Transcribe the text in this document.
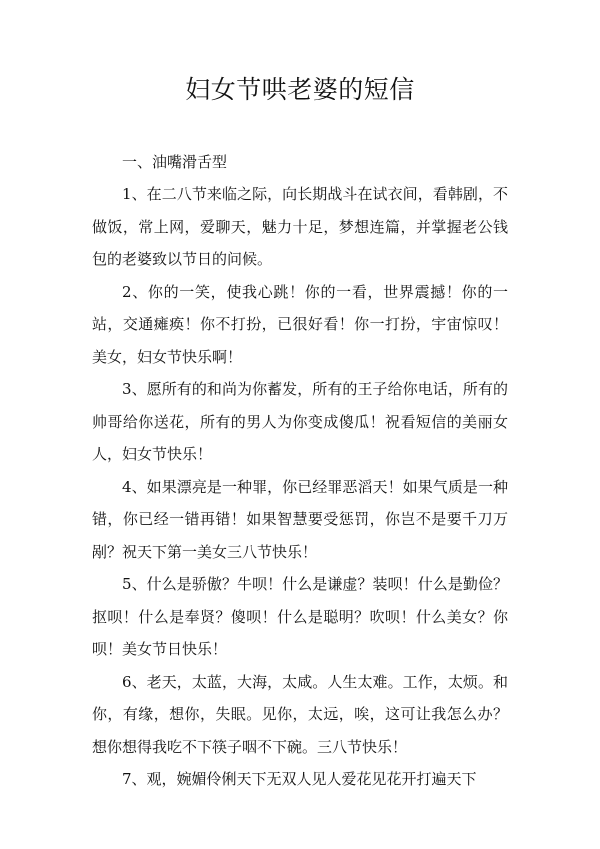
妇女节哄老婆的短信

一、油嘴滑舌型

1、在二八节来临之际，向长期战斗在试衣间，看韩剧，不做饭，常上网，爱聊天，魅力十足，梦想连篇，并掌握老公钱包的老婆致以节日的问候。

2、你的一笑，使我心跳！你的一看，世界震撼！你的一站，交通瘫痪！你不打扮，已很好看！你一打扮，宇宙惊叹！美女，妇女节快乐啊！

3、愿所有的和尚为你蓄发，所有的王子给你电话，所有的帅哥给你送花，所有的男人为你变成傻瓜！祝看短信的美丽女人，妇女节快乐！

4、如果漂亮是一种罪，你已经罪恶滔天！如果气质是一种错，你已经一错再错！如果智慧要受惩罚，你岂不是要千刀万剐？祝天下第一美女三八节快乐！

5、什么是骄傲？牛呗！什么是谦虚？装呗！什么是勤俭？抠呗！什么是奉贤？傻呗！什么是聪明？吹呗！什么美女？你呗！美女节日快乐！

6、老天，太蓝，大海，太咸。人生太难。工作，太烦。和你，有缘，想你，失眠。见你，太远，唉，这可让我怎么办？想你想得我吃不下筷子咽不下碗。三八节快乐！

7、观，婉媚伶俐天下无双人见人爱花见花开打遍天下
